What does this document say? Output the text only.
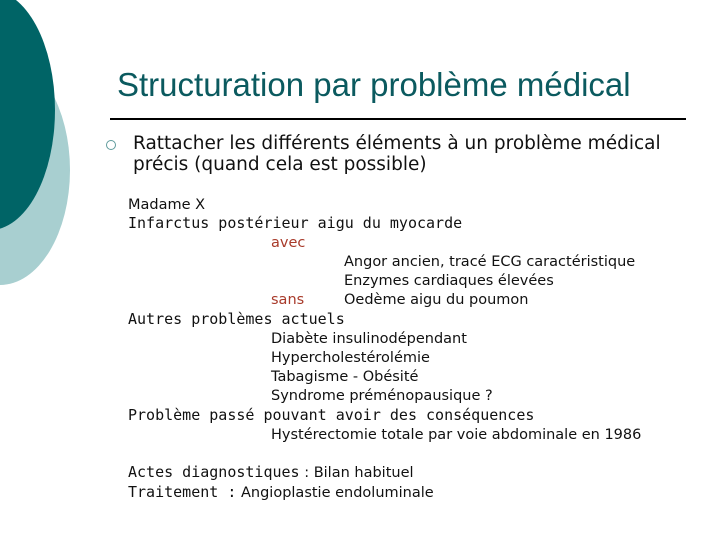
Structuration par problème médical
Rattacher les différents éléments à un problème médical précis (quand cela est possible)
Madame X
Infarctus postérieur aigu du myocarde
avec
Angor ancien, tracé ECG caractéristique
Enzymes cardiaques élevées
sans	Oedème aigu du poumon
Autres problèmes actuels
Diabète insulinodépendant
Hypercholestérolémie
Tabagisme - Obésité
Syndrome préménopausique ?
Problème passé pouvant avoir des conséquences
Hystérectomie totale par voie abdominale en 1986
Actes diagnostiques : Bilan habituel
Traitement : Angioplastie endoluminale
